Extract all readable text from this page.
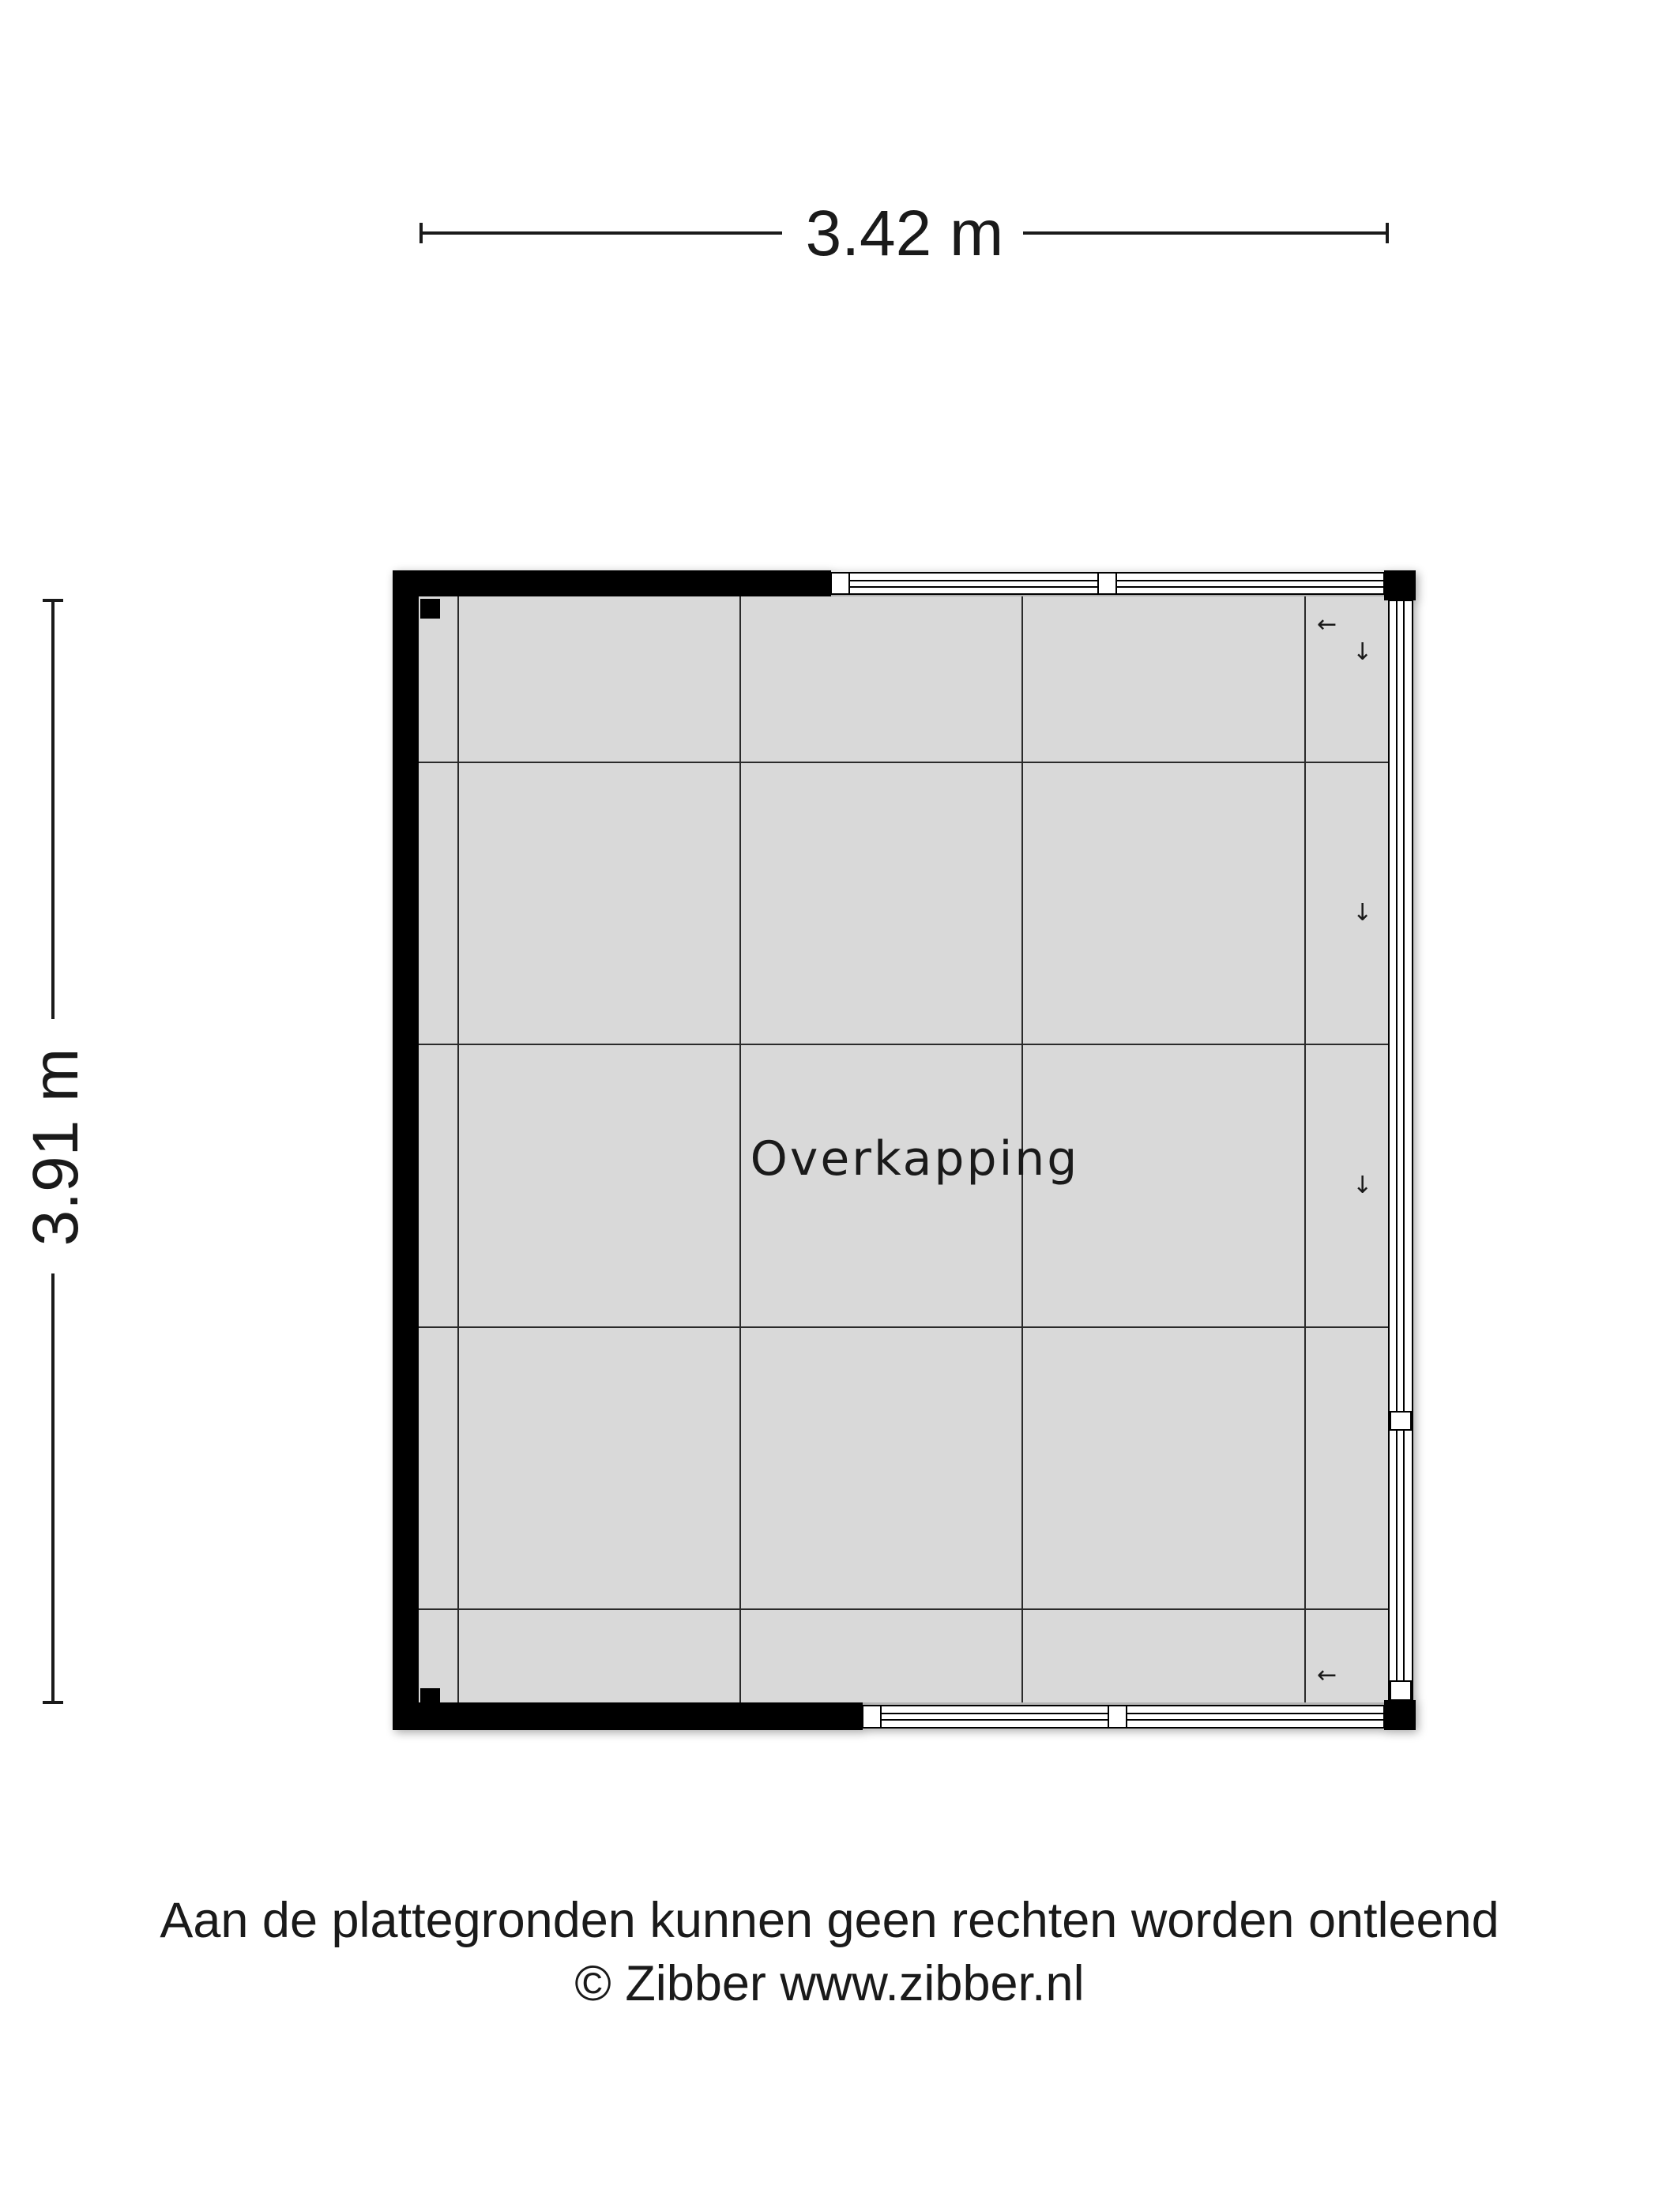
3.42 m
3.91 m
←
↓
↓
↓
←
Overkapping
Aan de plattegronden kunnen geen rechten worden ontleend
© Zibber www.zibber.nl
